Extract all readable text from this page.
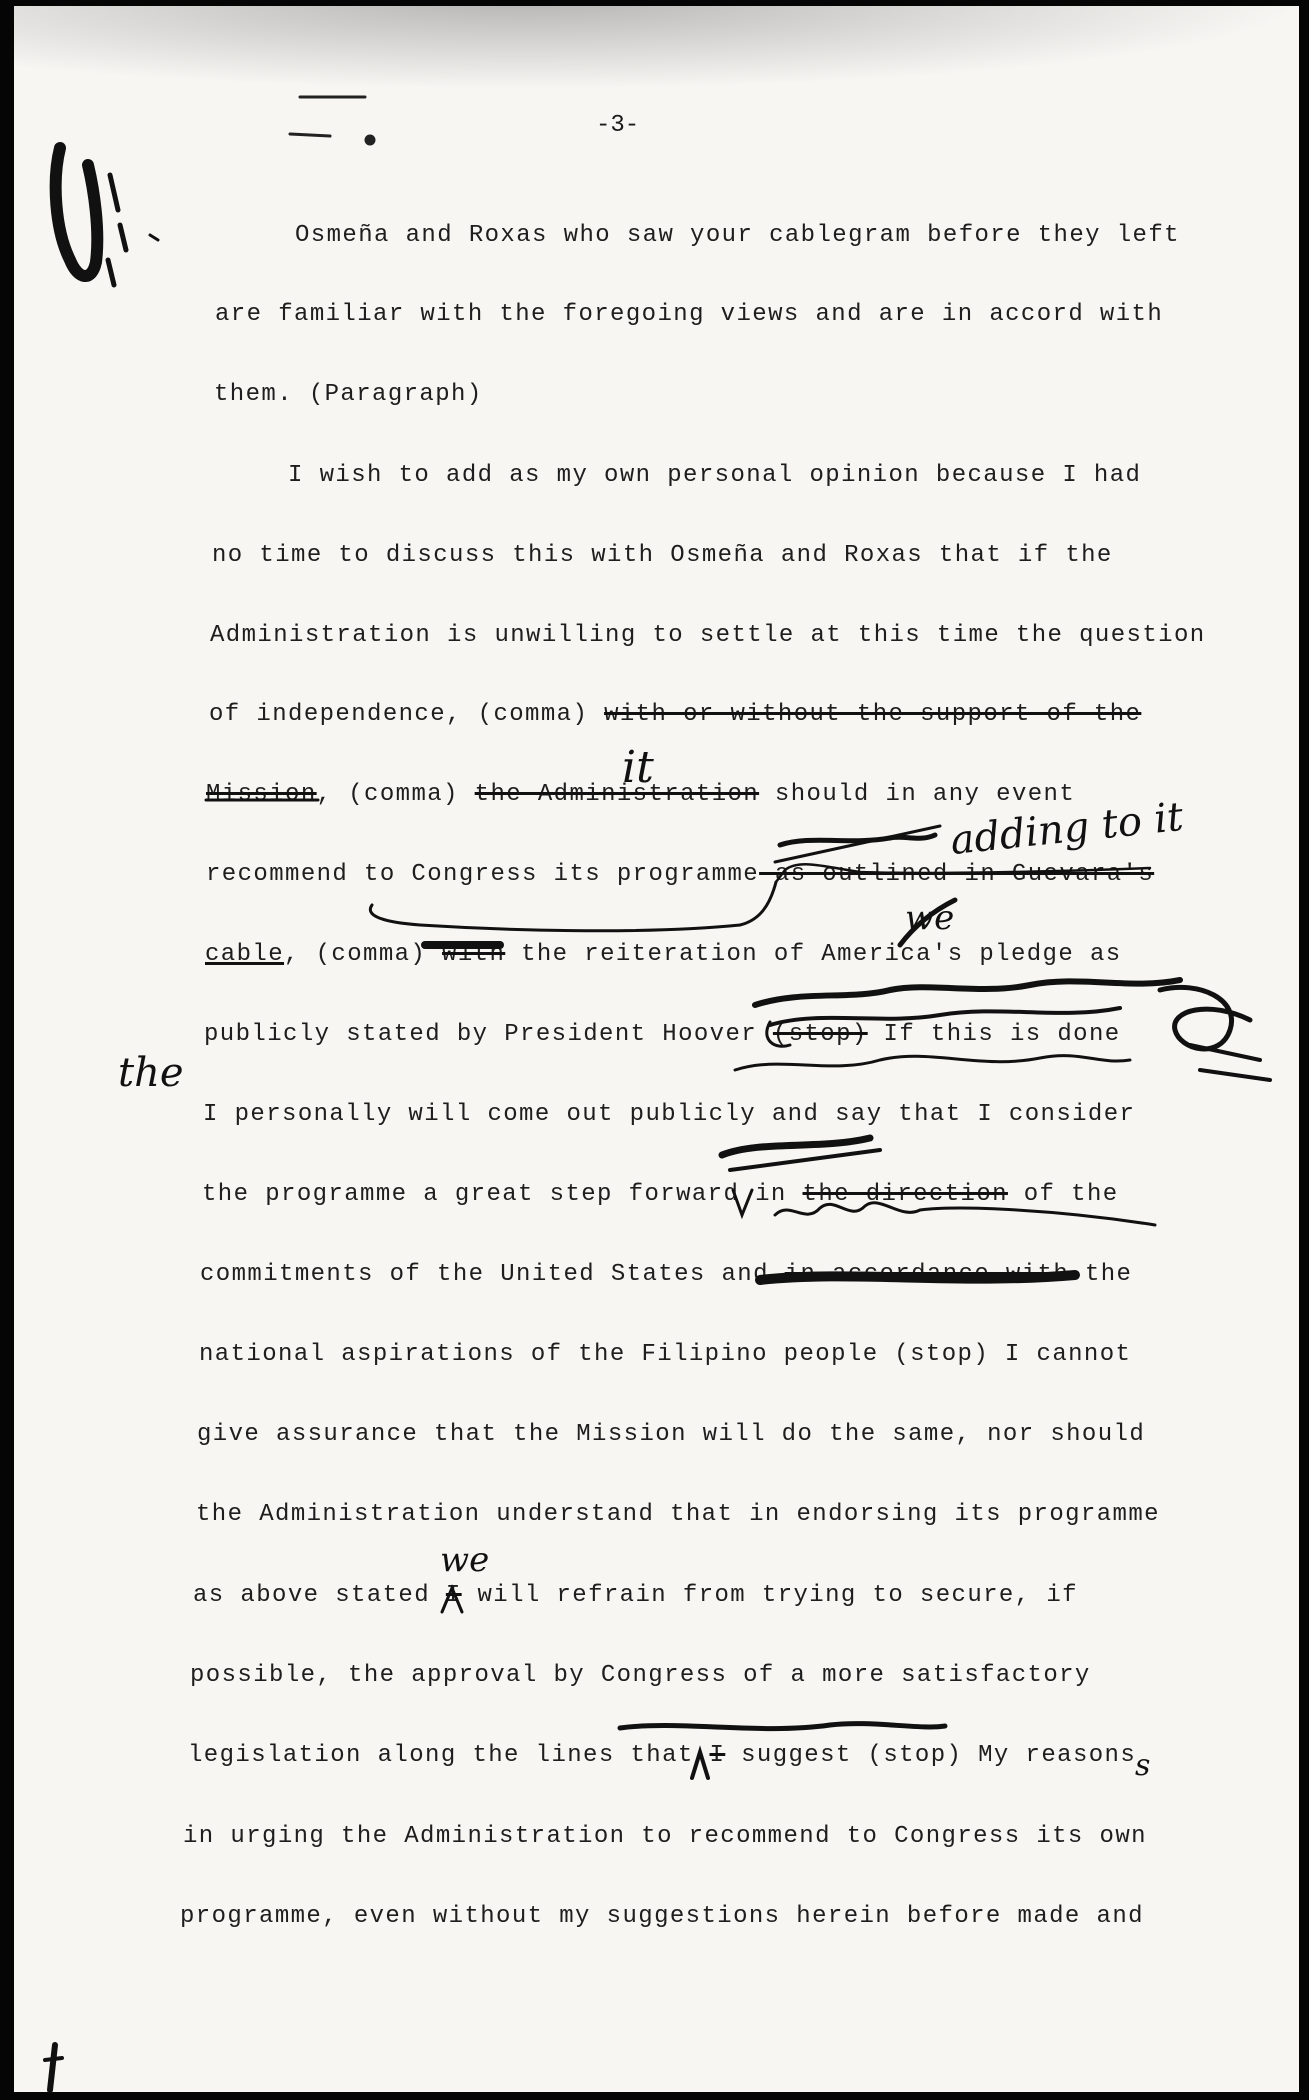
-3-
Osmeña and Roxas who saw your cablegram before they left
are familiar with the foregoing views and are in accord with
them. (Paragraph)
I wish to add as my own personal opinion because I had
no time to discuss this with Osmeña and Roxas that if the
Administration is unwilling to settle at this time the question
of independence, (comma) with or without the support of the
Mission, (comma) the Administration should in any event
recommend to Congress its programme as outlined in Guevara's
cable, (comma) with the reiteration of America's pledge as
publicly stated by President Hoover (stop) If this is done
I personally will come out publicly and say that I consider
the programme a great step forward in the direction of the
commitments of the United States and in accordance with the
national aspirations of the Filipino people (stop) I cannot
give assurance that the Mission will do the same, nor should
the Administration understand that in endorsing its programme
as above stated I will refrain from trying to secure, if
possible, the approval by Congress of a more satisfactory
legislation along the lines that I suggest (stop) My reasons
in urging the Administration to recommend to Congress its own
programme, even without my suggestions herein before made and
it
adding to it
we
the
we
s
